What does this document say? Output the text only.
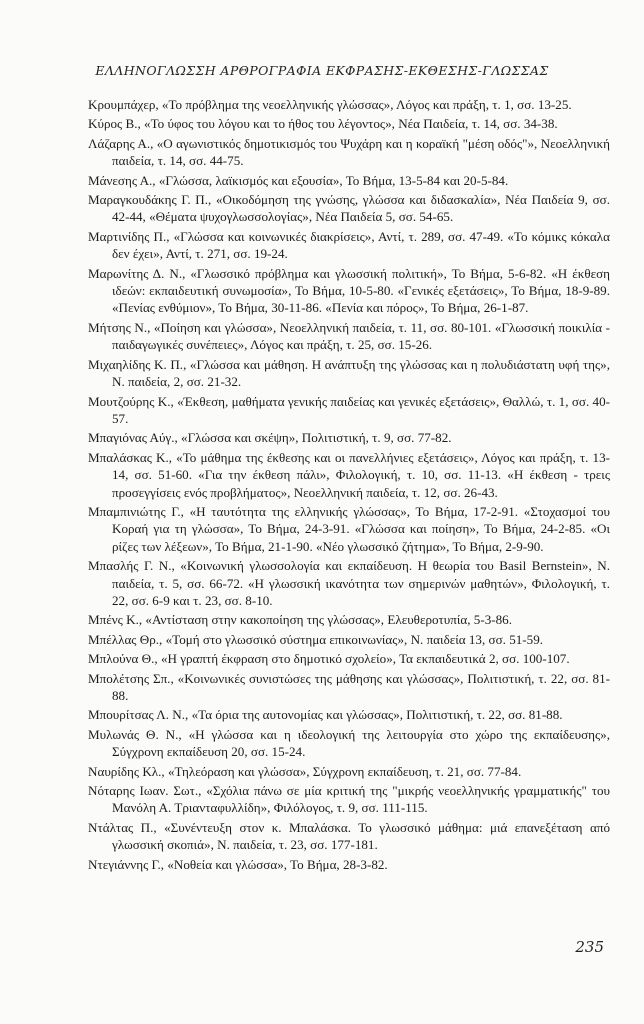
ΕΛΛΗΝΟΓΛΩΣΣΗ ΑΡΘΡΟΓΡΑΦΙΑ ΕΚΦΡΑΣΗΣ-ΕΚΘΕΣΗΣ-ΓΛΩΣΣΑΣ

Κρουμπάχερ, «Το πρόβλημα της νεοελληνικής γλώσσας», Λόγος και πράξη, τ. 1, σσ. 13-25.

Κύρος Β., «Το ύφος του λόγου και το ήθος του λέγοντος», Νέα Παιδεία, τ. 14, σσ. 34-38.

Λάζαρης Α., «Ο αγωνιστικός δημοτικισμός του Ψυχάρη και η κοραϊκή "μέση οδός"», Νεοελληνική παιδεία, τ. 14, σσ. 44-75.

Μάνεσης Α., «Γλώσσα, λαϊκισμός και εξουσία», Το Βήμα, 13-5-84 και 20-5-84.

Μαραγκουδάκης Γ. Π., «Οικοδόμηση της γνώσης, γλώσσα και διδασκαλία», Νέα Παιδεία 9, σσ. 42-44, «Θέματα ψυχογλωσσολογίας», Νέα Παιδεία 5, σσ. 54-65.

Μαρτινίδης Π., «Γλώσσα και κοινωνικές διακρίσεις», Αντί, τ. 289, σσ. 47-49. «Το κόμικς κόκαλα δεν έχει», Αντί, τ. 271, σσ. 19-24.

Μαρωνίτης Δ. Ν., «Γλωσσικό πρόβλημα και γλωσσική πολιτική», Το Βήμα, 5-6-82. «Η έκθεση ιδεών: εκπαιδευτική συνωμοσία», Το Βήμα, 10-5-80. «Γενικές εξετάσεις», Το Βήμα, 18-9-89. «Πενίας ενθύμιον», Το Βήμα, 30-11-86. «Πενία και πόρος», Το Βήμα, 26-1-87.

Μήτσης Ν., «Ποίηση και γλώσσα», Νεοελληνική παιδεία, τ. 11, σσ. 80-101. «Γλωσσική ποικιλία - παιδαγωγικές συνέπειες», Λόγος και πράξη, τ. 25, σσ. 15-26.

Μιχαηλίδης Κ. Π., «Γλώσσα και μάθηση. Η ανάπτυξη της γλώσσας και η πολυδιάστατη υφή της», Ν. παιδεία, 2, σσ. 21-32.

Μουτζούρης Κ., «Έκθεση, μαθήματα γενικής παιδείας και γενικές εξετάσεις», Θαλλώ, τ. 1, σσ. 40-57.

Μπαγιόνας Αύγ., «Γλώσσα και σκέψη», Πολιτιστική, τ. 9, σσ. 77-82.

Μπαλάσκας Κ., «Το μάθημα της έκθεσης και οι πανελλήνιες εξετάσεις», Λόγος και πράξη, τ. 13-14, σσ. 51-60. «Για την έκθεση πάλι», Φιλολογική, τ. 10, σσ. 11-13. «Η έκθεση - τρεις προσεγγίσεις ενός προβλήματος», Νεοελληνική παιδεία, τ. 12, σσ. 26-43.

Μπαμπινιώτης Γ., «Η ταυτότητα της ελληνικής γλώσσας», Το Βήμα, 17-2-91. «Στοχασμοί του Κοραή για τη γλώσσα», Το Βήμα, 24-3-91. «Γλώσσα και ποίηση», Το Βήμα, 24-2-85. «Οι ρίζες των λέξεων», Το Βήμα, 21-1-90. «Νέο γλωσσικό ζήτημα», Το Βήμα, 2-9-90.

Μπασλής Γ. Ν., «Κοινωνική γλωσσολογία και εκπαίδευση. Η θεωρία του Basil Bernstein», Ν. παιδεία, τ. 5, σσ. 66-72. «Η γλωσσική ικανότητα των σημερινών μαθητών», Φιλολογική, τ. 22, σσ. 6-9 και τ. 23, σσ. 8-10.

Μπένς Κ., «Αντίσταση στην κακοποίηση της γλώσσας», Ελευθεροτυπία, 5-3-86.

Μπέλλας Θρ., «Τομή στο γλωσσικό σύστημα επικοινωνίας», Ν. παιδεία 13, σσ. 51-59.

Μπλούνα Θ., «Η γραπτή έκφραση στο δημοτικό σχολείο», Τα εκπαιδευτικά 2, σσ. 100-107.

Μπολέτσης Σπ., «Κοινωνικές συνιστώσες της μάθησης και γλώσσας», Πολιτιστική, τ. 22, σσ. 81-88.

Μπουρίτσας Λ. Ν., «Τα όρια της αυτονομίας και γλώσσας», Πολιτιστική, τ. 22, σσ. 81-88.

Μυλωνάς Θ. Ν., «Η γλώσσα και η ιδεολογική της λειτουργία στο χώρο της εκπαίδευσης», Σύγχρονη εκπαίδευση 20, σσ. 15-24.

Ναυρίδης Κλ., «Τηλεόραση και γλώσσα», Σύγχρονη εκπαίδευση, τ. 21, σσ. 77-84.

Νόταρης Ιωαν. Σωτ., «Σχόλια πάνω σε μία κριτική της "μικρής νεοελληνικής γραμματικής" του Μανόλη Α. Τριανταφυλλίδη», Φιλόλογος, τ. 9, σσ. 111-115.

Ντάλτας Π., «Συνέντευξη στον κ. Μπαλάσκα. Το γλωσσικό μάθημα: μιά επανεξέταση από γλωσσική σκοπιά», Ν. παιδεία, τ. 23, σσ. 177-181.

Ντεγιάννης Γ., «Νοθεία και γλώσσα», Το Βήμα, 28-3-82.

235
